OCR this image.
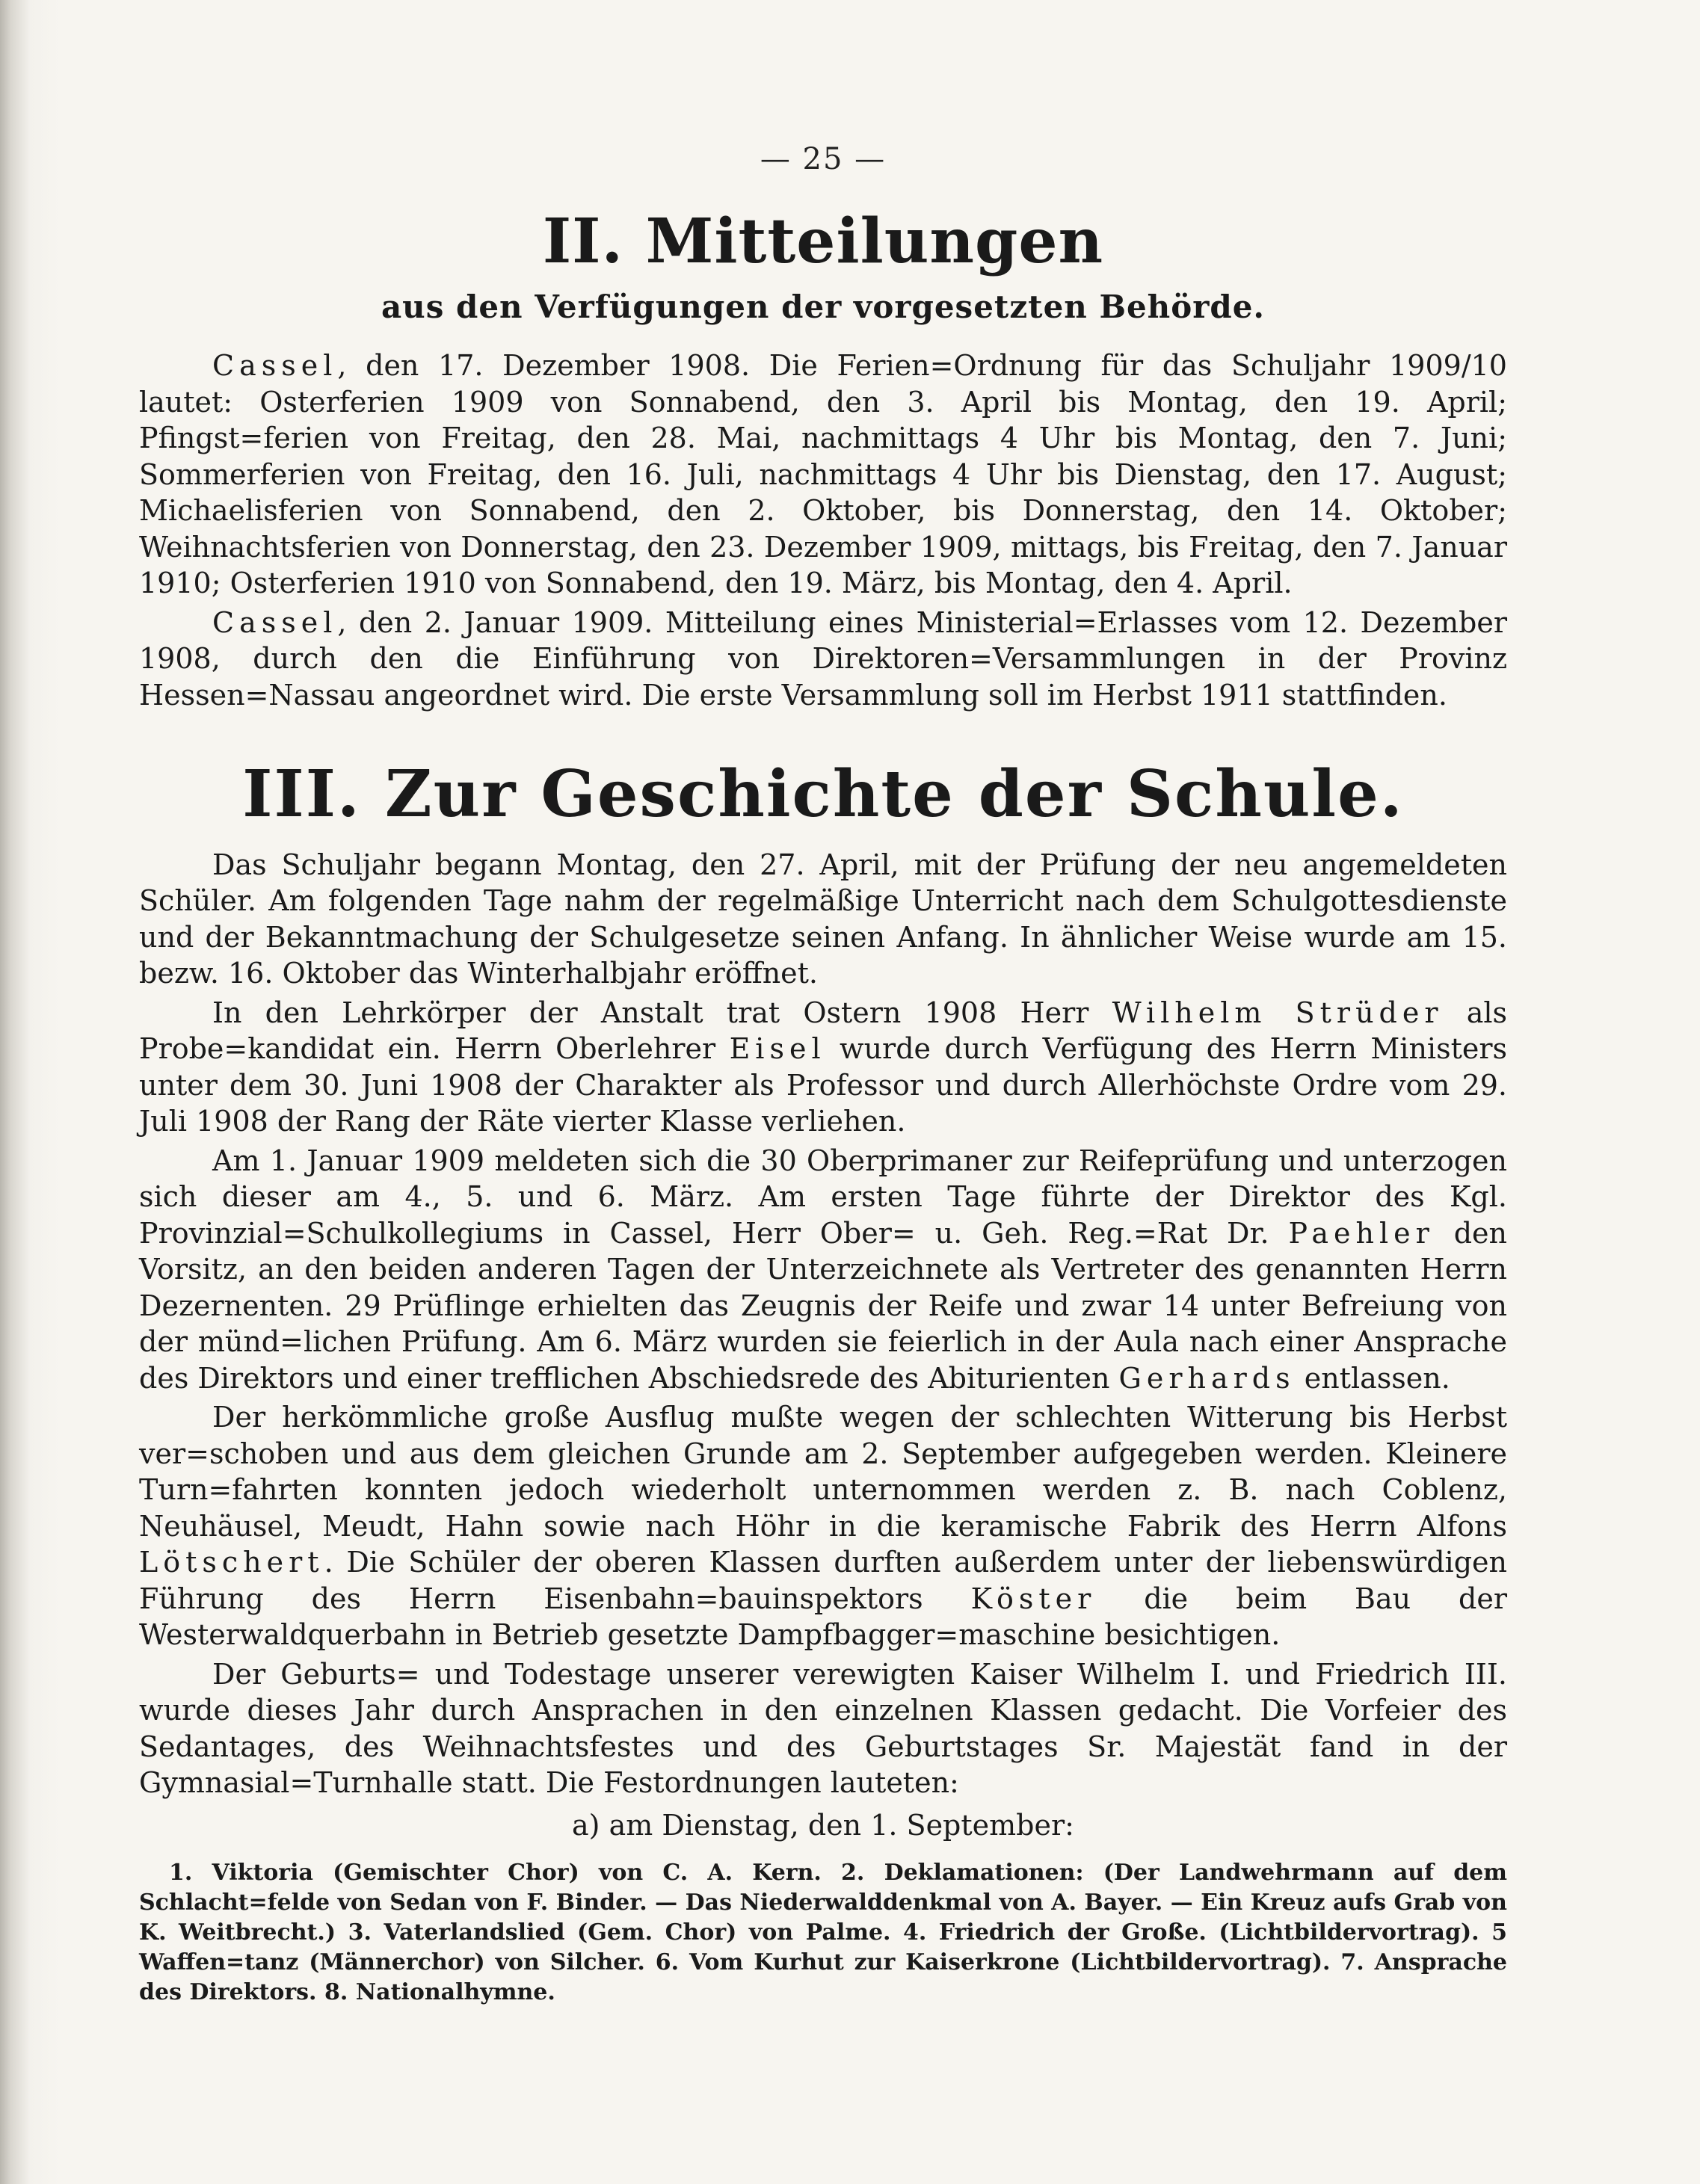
— 25 —
II. Mitteilungen
aus den Verfügungen der vorgesetzten Behörde.

Cassel, den 17. Dezember 1908. Die Ferien=Ordnung für das Schuljahr 1909/10 lautet: Osterferien 1909 von Sonnabend, den 3. April bis Montag, den 19. April; Pfingst=ferien von Freitag, den 28. Mai, nachmittags 4 Uhr bis Montag, den 7. Juni; Sommerferien von Freitag, den 16. Juli, nachmittags 4 Uhr bis Dienstag, den 17. August; Michaelisferien von Sonnabend, den 2. Oktober, bis Donnerstag, den 14. Oktober; Weihnachtsferien von Donnerstag, den 23. Dezember 1909, mittags, bis Freitag, den 7. Januar 1910; Osterferien 1910 von Sonnabend, den 19. März, bis Montag, den 4. April.

Cassel, den 2. Januar 1909. Mitteilung eines Ministerial=Erlasses vom 12. Dezember 1908, durch den die Einführung von Direktoren=Versammlungen in der Provinz Hessen=Nassau angeordnet wird. Die erste Versammlung soll im Herbst 1911 stattfinden.

III. Zur Geschichte der Schule.

Das Schuljahr begann Montag, den 27. April, mit der Prüfung der neu angemeldeten Schüler. Am folgenden Tage nahm der regelmäßige Unterricht nach dem Schulgottesdienste und der Bekanntmachung der Schulgesetze seinen Anfang. In ähnlicher Weise wurde am 15. bezw. 16. Oktober das Winterhalbjahr eröffnet.

In den Lehrkörper der Anstalt trat Ostern 1908 Herr Wilhelm Strüder als Probe=kandidat ein. Herrn Oberlehrer Eisel wurde durch Verfügung des Herrn Ministers unter dem 30. Juni 1908 der Charakter als Professor und durch Allerhöchste Ordre vom 29. Juli 1908 der Rang der Räte vierter Klasse verliehen.

Am 1. Januar 1909 meldeten sich die 30 Oberprimaner zur Reifeprüfung und unterzogen sich dieser am 4., 5. und 6. März. Am ersten Tage führte der Direktor des Kgl. Provinzial=Schulkollegiums in Cassel, Herr Ober= u. Geh. Reg.=Rat Dr. Paehler den Vorsitz, an den beiden anderen Tagen der Unterzeichnete als Vertreter des genannten Herrn Dezernenten. 29 Prüflinge erhielten das Zeugnis der Reife und zwar 14 unter Befreiung von der münd=lichen Prüfung. Am 6. März wurden sie feierlich in der Aula nach einer Ansprache des Direktors und einer trefflichen Abschiedsrede des Abiturienten Gerhards entlassen.

Der herkömmliche große Ausflug mußte wegen der schlechten Witterung bis Herbst ver=schoben und aus dem gleichen Grunde am 2. September aufgegeben werden. Kleinere Turn=fahrten konnten jedoch wiederholt unternommen werden z. B. nach Coblenz, Neuhäusel, Meudt, Hahn sowie nach Höhr in die keramische Fabrik des Herrn Alfons Lötschert. Die Schüler der oberen Klassen durften außerdem unter der liebenswürdigen Führung des Herrn Eisenbahn=bauinspektors Köster die beim Bau der Westerwaldquerbahn in Betrieb gesetzte Dampfbagger=maschine besichtigen.

Der Geburts= und Todestage unserer verewigten Kaiser Wilhelm I. und Friedrich III. wurde dieses Jahr durch Ansprachen in den einzelnen Klassen gedacht. Die Vorfeier des Sedantages, des Weihnachtsfestes und des Geburtstages Sr. Majestät fand in der Gymnasial=Turnhalle statt. Die Festordnungen lauteten:

a) am Dienstag, den 1. September:

1. Viktoria (Gemischter Chor) von C. A. Kern. 2. Deklamationen: (Der Landwehrmann auf dem Schlacht=felde von Sedan von F. Binder. — Das Niederwalddenkmal von A. Bayer. — Ein Kreuz aufs Grab von K. Weitbrecht.) 3. Vaterlandslied (Gem. Chor) von Palme. 4. Friedrich der Große. (Lichtbildervortrag). 5 Waffen=tanz (Männerchor) von Silcher. 6. Vom Kurhut zur Kaiserkrone (Lichtbildervortrag). 7. Ansprache des Direktors. 8. Nationalhymne.
